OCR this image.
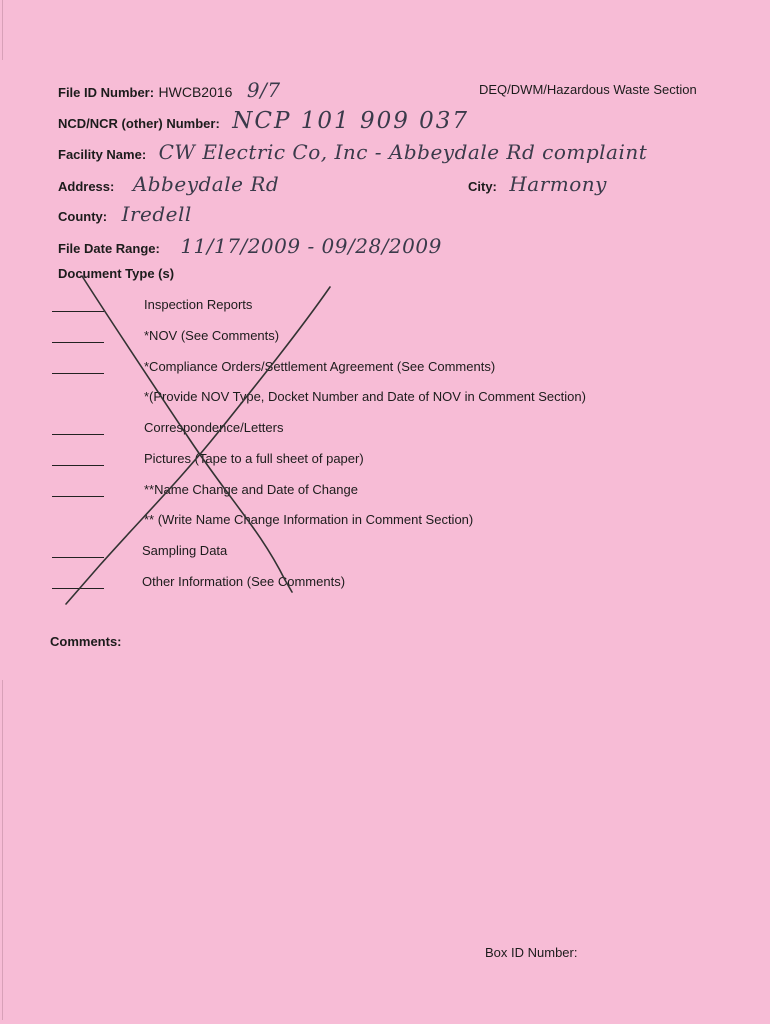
File ID Number: HWCB2016 9/7	DEQ/DWM/Hazardous Waste Section
NCD/NCR (other) Number: NCP 101 909 037
Facility Name: CW Electric Co, Inc - Abbeydale Rd complaint
Address: Abbeydale Rd	City: Harmony
County: Iredell
File Date Range: 11/17/2009 - 09/28/2009
Document Type (s)
Inspection Reports
*NOV (See Comments)
*Compliance Orders/Settlement Agreement (See Comments)
*(Provide NOV Type, Docket Number and Date of NOV in Comment Section)
Correspondence/Letters
Pictures (Tape to a full sheet of paper)
**Name Change and Date of Change
** (Write Name Change Information in Comment Section)
Sampling Data
Other Information (See Comments)
Comments:
Box ID Number:
